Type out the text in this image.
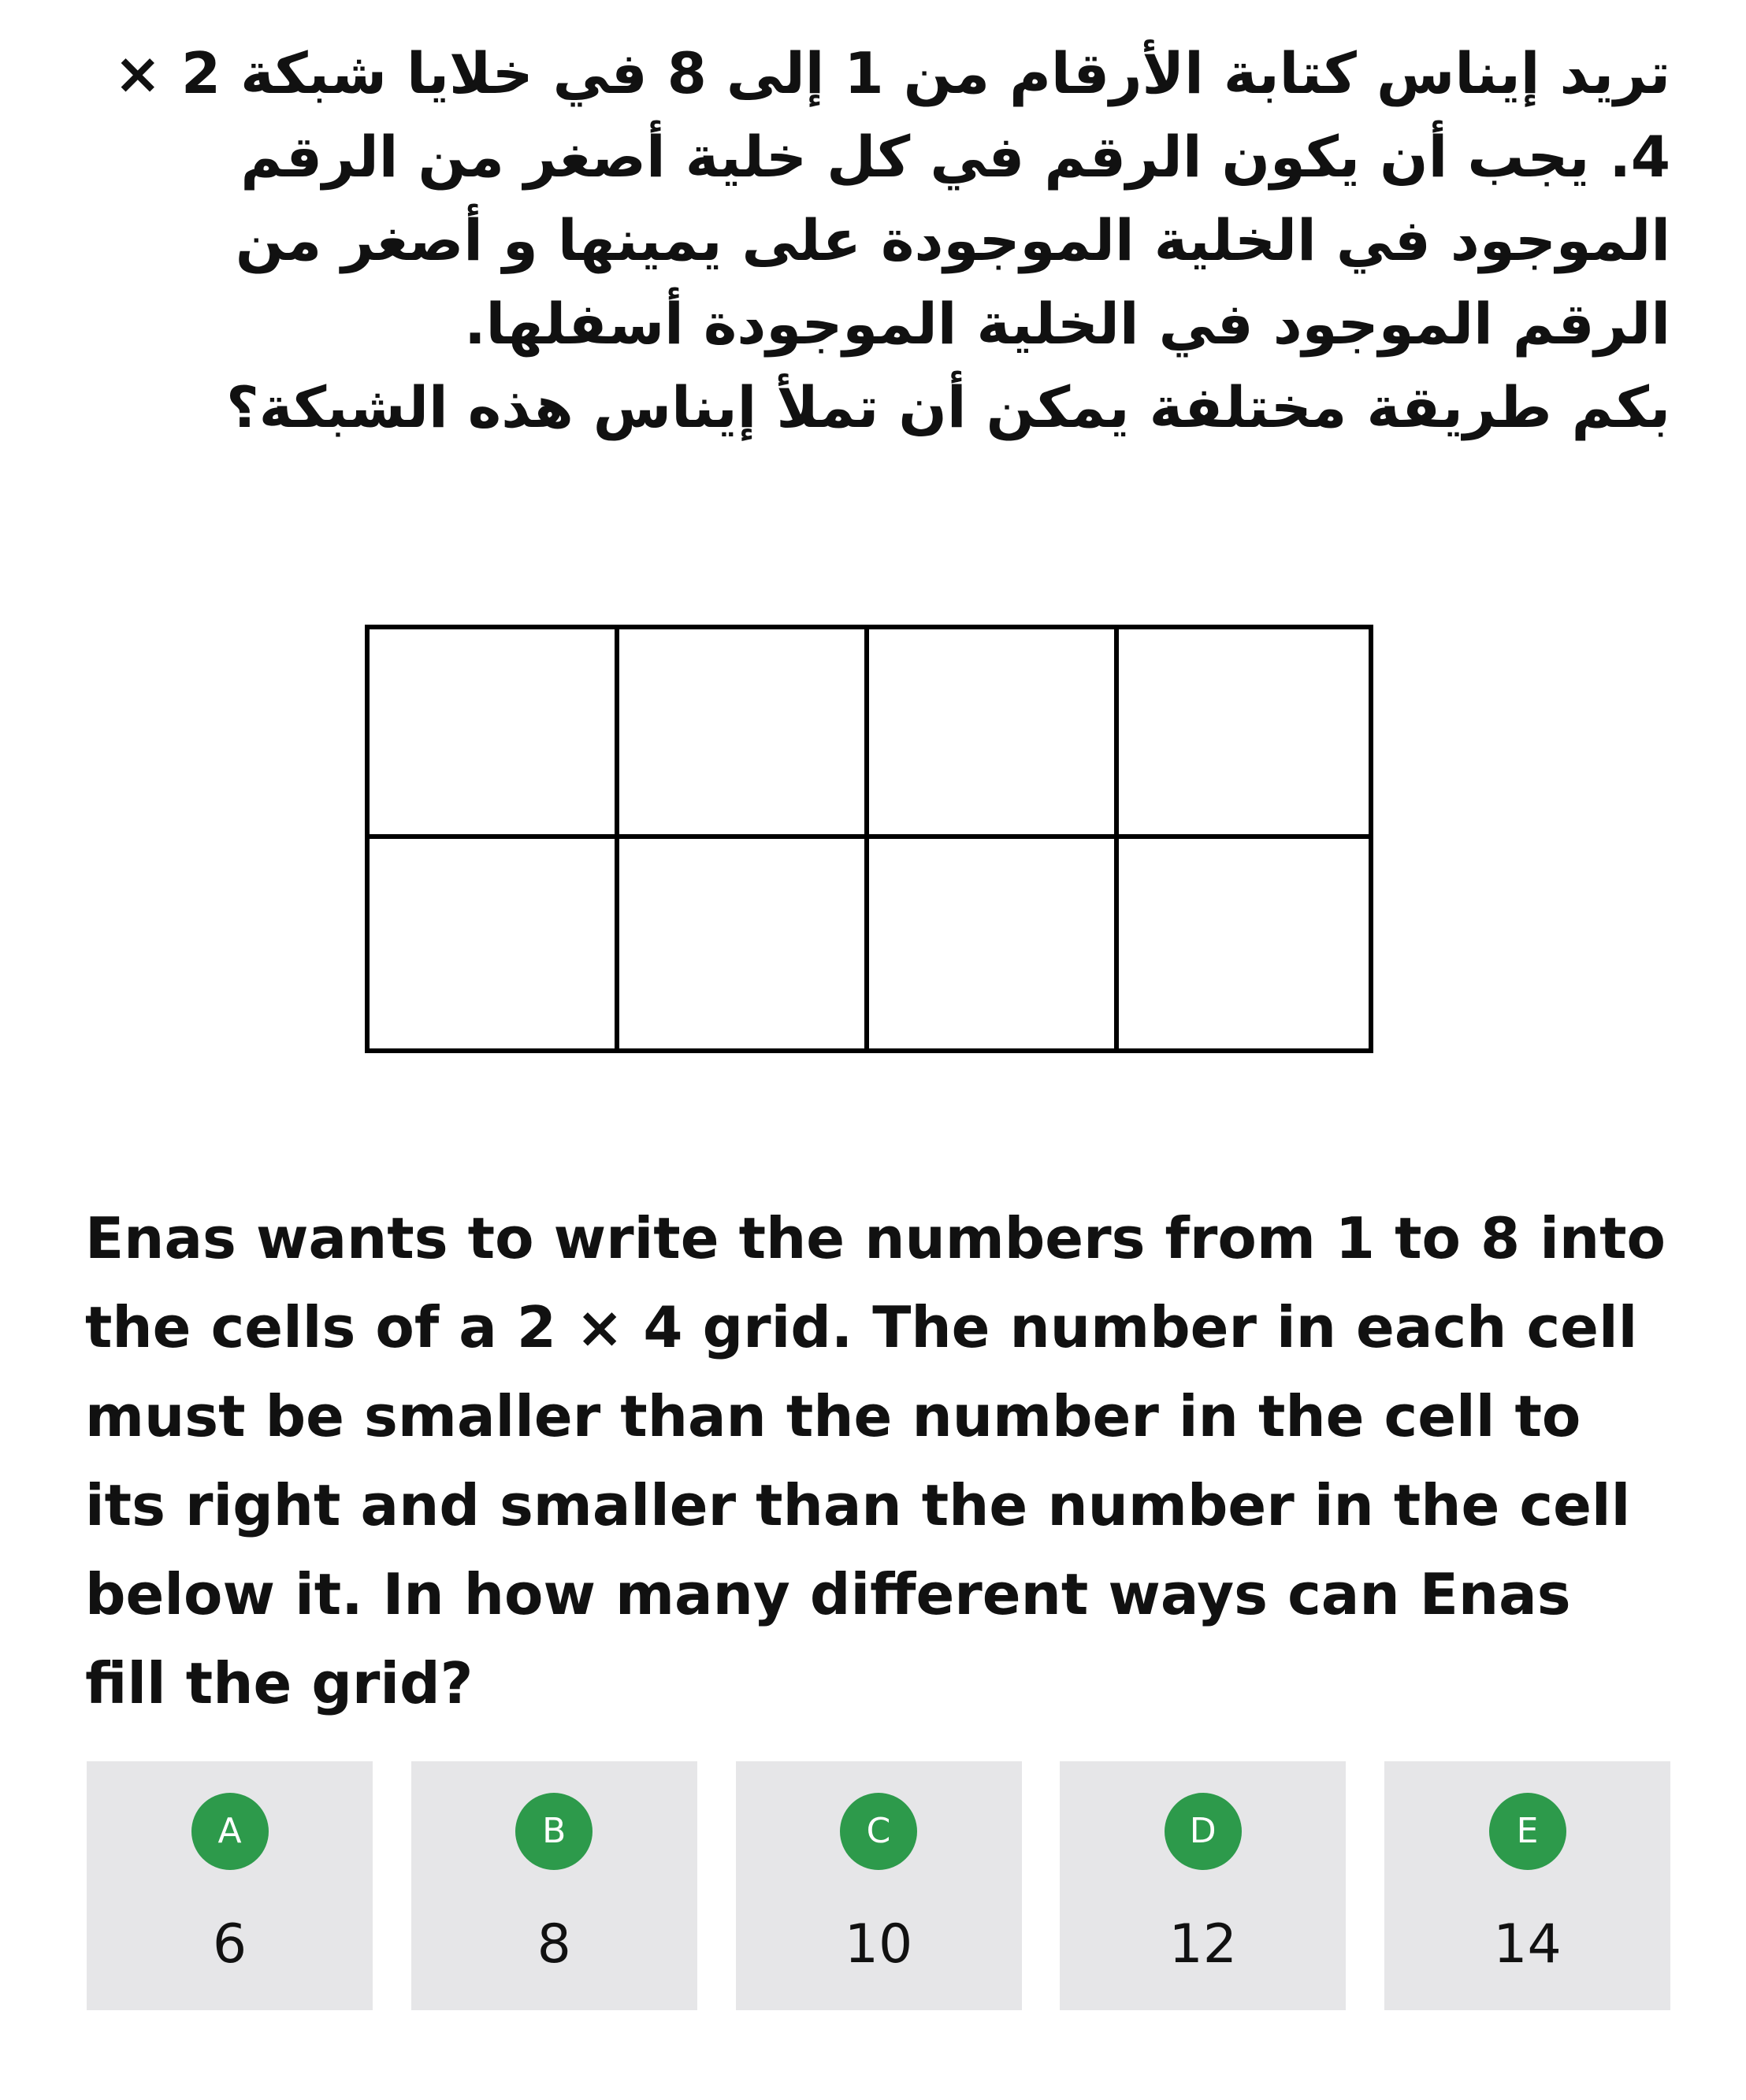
تريد إيناس كتابة الأرقام من 1 إلى 8 في خلايا شبكة 2 × 4. يجب أن يكون الرقم في كل خلية أصغر من الرقم الموجود في الخلية الموجودة على يمينها و أصغر من الرقم الموجود في الخلية الموجودة أسفلها.

بكم طريقة مختلفة يمكن أن تملأ إيناس هذه الشبكة؟

Enas wants to write the numbers from 1 to 8 into the cells of a 2 × 4 grid. The number in each cell must be smaller than the number in the cell to its right and smaller than the number in the cell below it. In how many different ways can Enas fill the grid?

A
6
B
8
C
10
D
12
E
14
